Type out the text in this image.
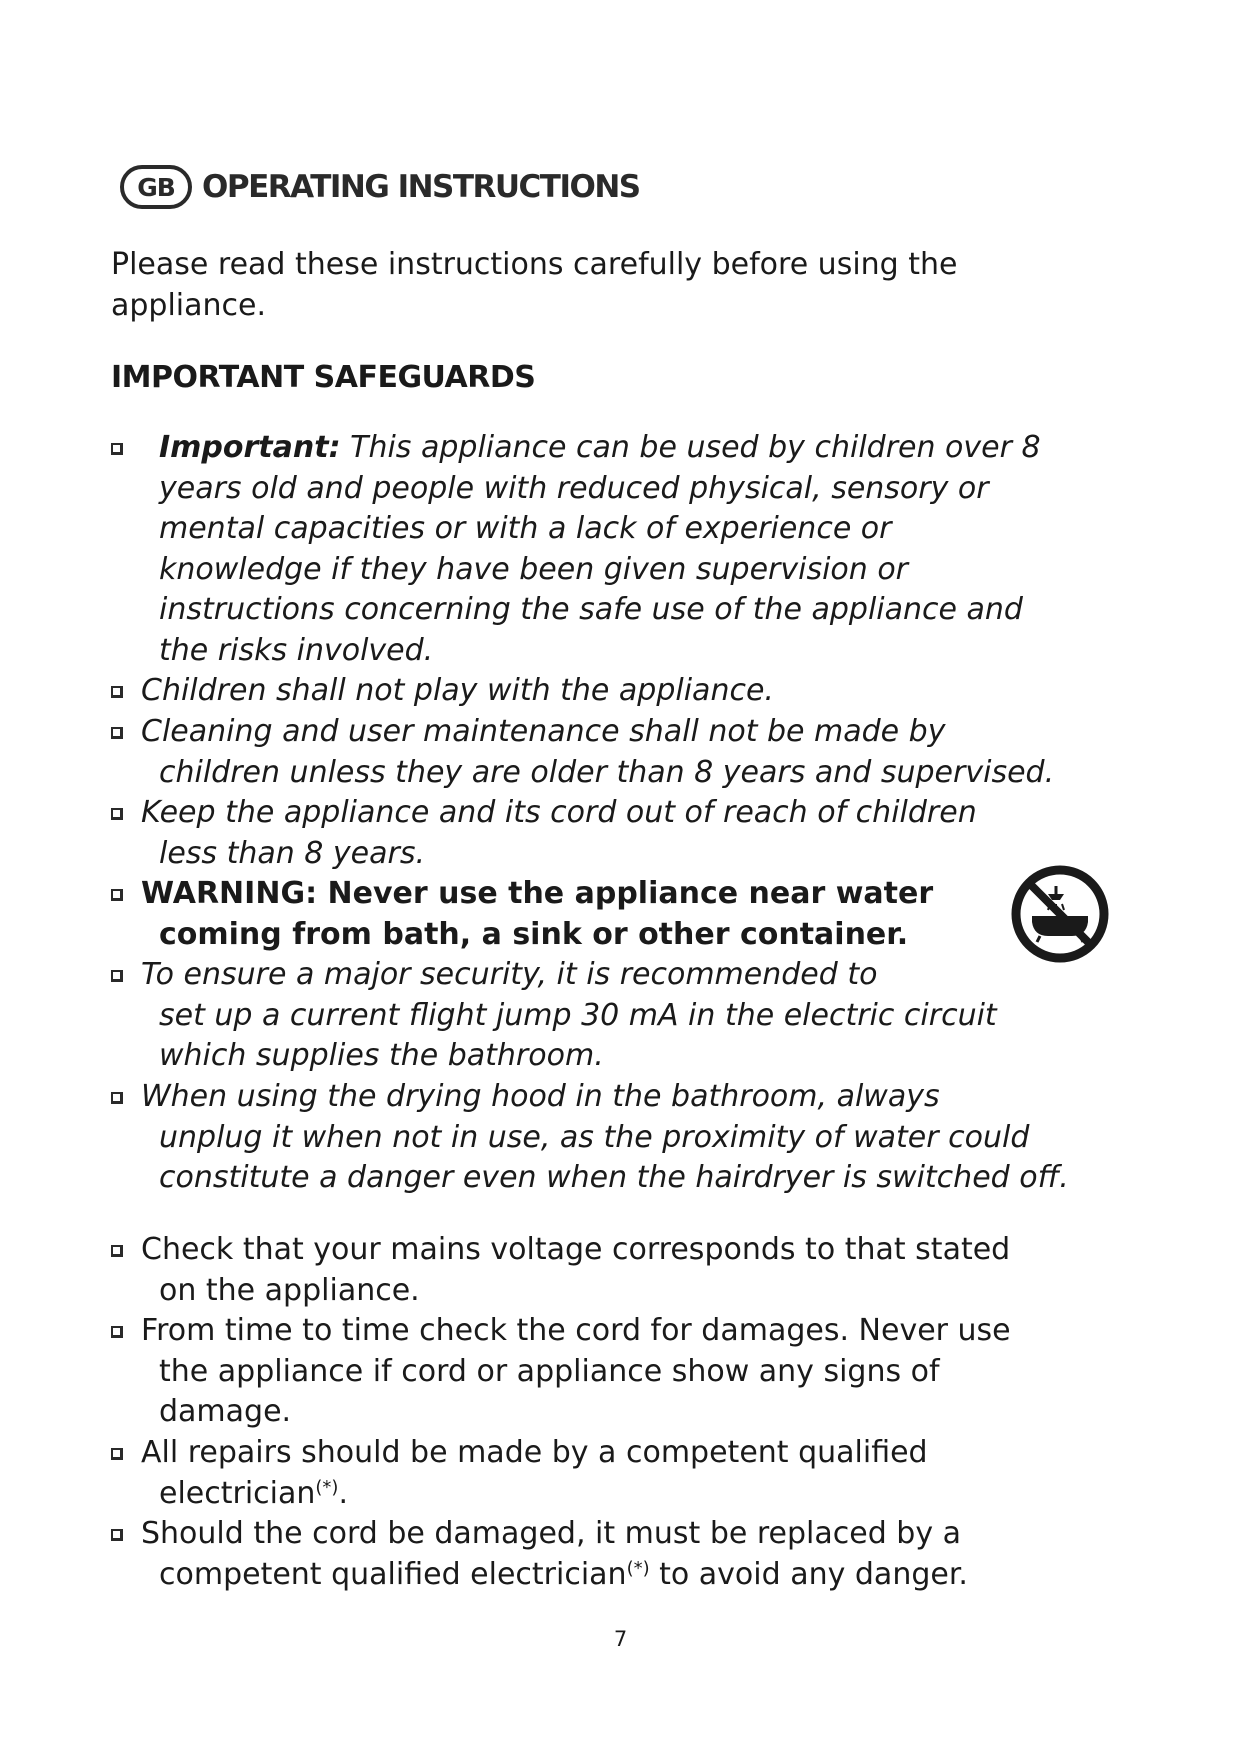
GB OPERATING INSTRUCTIONS

Please read these instructions carefully before using the
appliance.

IMPORTANT SAFEGUARDS
Important: This appliance can be used by children over 8
years old and people with reduced physical, sensory or
mental capacities or with a lack of experience or
knowledge if they have been given supervision or
instructions concerning the safe use of the appliance and
the risks involved.
Children shall not play with the appliance.
Cleaning and user maintenance shall not be made by
children unless they are older than 8 years and supervised.
Keep the appliance and its cord out of reach of children
less than 8 years.
WARNING: Never use the appliance near water
coming from bath, a sink or other container.
To ensure a major security, it is recommended to
set up a current flight jump 30 mA in the electric circuit
which supplies the bathroom.
When using the drying hood in the bathroom, always
unplug it when not in use, as the proximity of water could
constitute a danger even when the hairdryer is switched off.
Check that your mains voltage corresponds to that stated
on the appliance.
From time to time check the cord for damages. Never use
the appliance if cord or appliance show any signs of
damage.
All repairs should be made by a competent qualified
electrician(*).
Should the cord be damaged, it must be replaced by a
competent qualified electrician(*) to avoid any danger.
7
